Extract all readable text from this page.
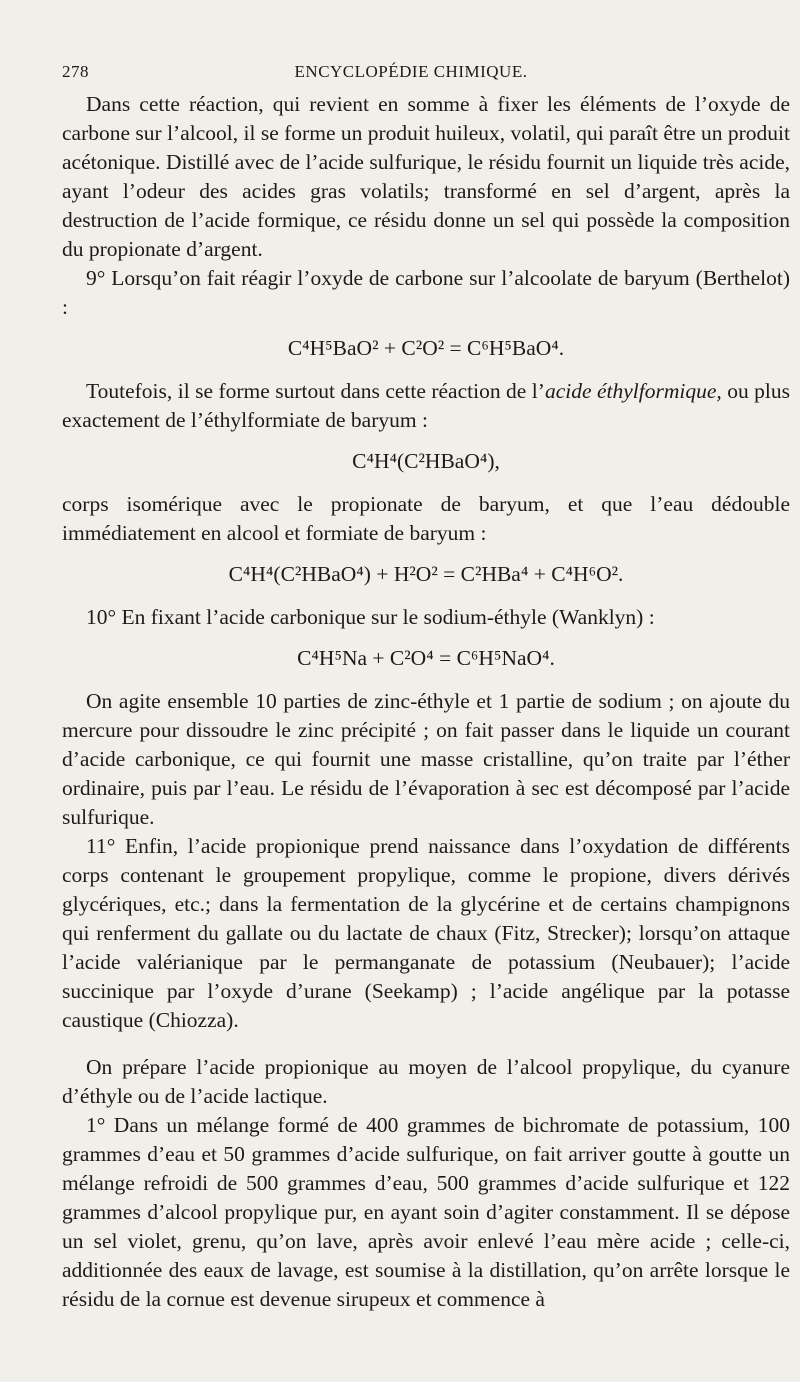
278	ENCYCLOPÉDIE CHIMIQUE.

Dans cette réaction, qui revient en somme à fixer les éléments de l’oxyde de carbone sur l’alcool, il se forme un produit huileux, volatil, qui paraît être un produit acétonique. Distillé avec de l’acide sulfurique, le résidu fournit un liquide très acide, ayant l’odeur des acides gras volatils; transformé en sel d’argent, après la destruction de l’acide formique, ce résidu donne un sel qui possède la composition du propionate d’argent.

9° Lorsqu’on fait réagir l’oxyde de carbone sur l’alcoolate de baryum (Berthelot) :

C⁴H⁵BaO² + C²O² = C⁶H⁵BaO⁴.

Toutefois, il se forme surtout dans cette réaction de l’acide éthylformique, ou plus exactement de l’éthylformiate de baryum :

C⁴H⁴(C²HBaO⁴),

corps isomérique avec le propionate de baryum, et que l’eau dédouble immédiatement en alcool et formiate de baryum :

C⁴H⁴(C²HBaO⁴) + H²O² = C²HBa⁴ + C⁴H⁶O².

10° En fixant l’acide carbonique sur le sodium-éthyle (Wanklyn) :

C⁴H⁵Na + C²O⁴ = C⁶H⁵NaO⁴.

On agite ensemble 10 parties de zinc-éthyle et 1 partie de sodium ; on ajoute du mercure pour dissoudre le zinc précipité ; on fait passer dans le liquide un courant d’acide carbonique, ce qui fournit une masse cristalline, qu’on traite par l’éther ordinaire, puis par l’eau. Le résidu de l’évaporation à sec est décomposé par l’acide sulfurique.

11° Enfin, l’acide propionique prend naissance dans l’oxydation de différents corps contenant le groupement propylique, comme le propione, divers dérivés glycériques, etc.; dans la fermentation de la glycérine et de certains champignons qui renferment du gallate ou du lactate de chaux (Fitz, Strecker); lorsqu’on attaque l’acide valérianique par le permanganate de potassium (Neubauer); l’acide succinique par l’oxyde d’urane (Seekamp) ; l’acide angélique par la potasse caustique (Chiozza).

On prépare l’acide propionique au moyen de l’alcool propylique, du cyanure d’éthyle ou de l’acide lactique.

1° Dans un mélange formé de 400 grammes de bichromate de potassium, 100 grammes d’eau et 50 grammes d’acide sulfurique, on fait arriver goutte à goutte un mélange refroidi de 500 grammes d’eau, 500 grammes d’acide sulfurique et 122 grammes d’alcool propylique pur, en ayant soin d’agiter constamment. Il se dépose un sel violet, grenu, qu’on lave, après avoir enlevé l’eau mère acide ; celle-ci, additionnée des eaux de lavage, est soumise à la distillation, qu’on arrête lorsque le résidu de la cornue est devenue sirupeux et commence à
